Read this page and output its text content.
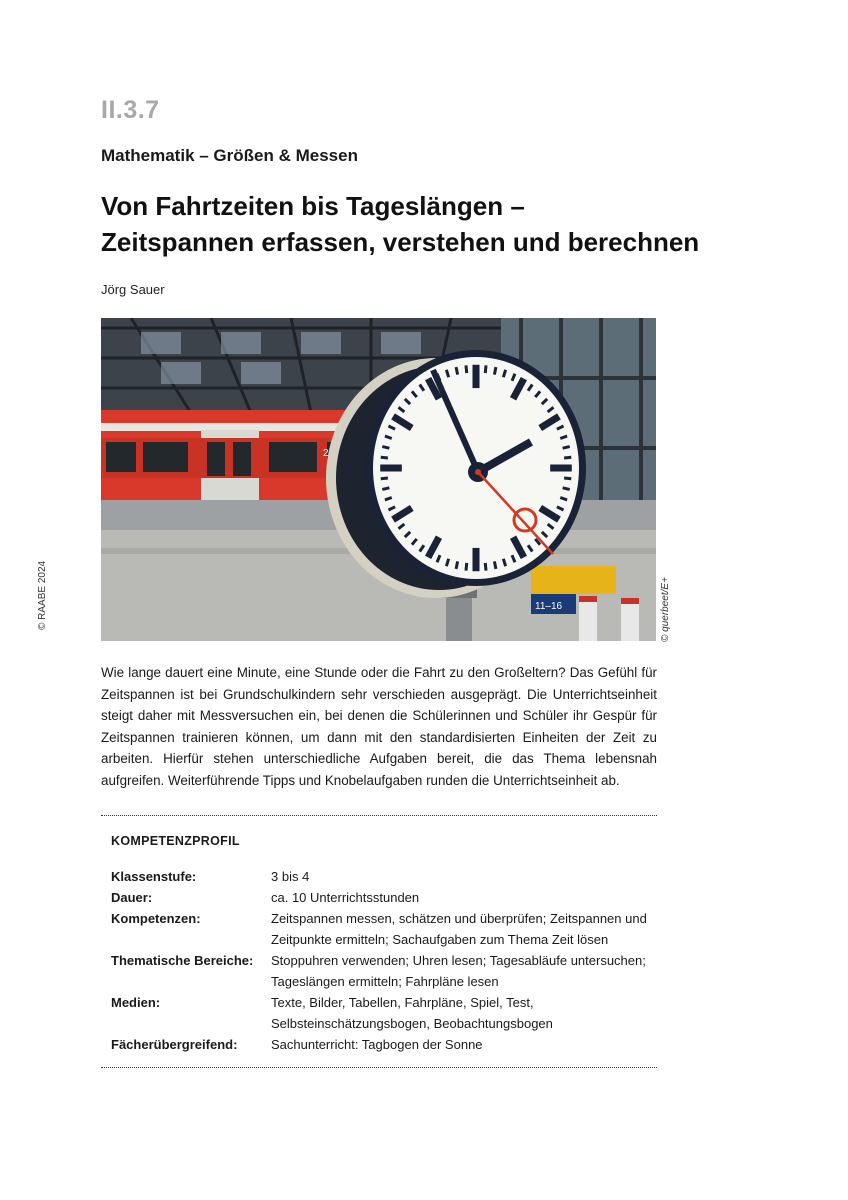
II.3.7
Mathematik – Größen & Messen
Von Fahrtzeiten bis Tageslängen –
Zeitspannen erfassen, verstehen und berechnen
Jörg Sauer
2
11–16	© querbeet/E+
© RAABE 2024
Wie lange dauert eine Minute, eine Stunde oder die Fahrt zu den Großeltern? Das Gefühl für Zeitspannen ist bei Grundschulkindern sehr verschieden ausgeprägt. Die Unterrichtseinheit steigt daher mit Messversuchen ein, bei denen die Schülerinnen und Schüler ihr Gespür für Zeitspannen trainieren können, um dann mit den standardisierten Einheiten der Zeit zu arbeiten. Hierfür stehen unterschiedliche Aufgaben bereit, die das Thema lebensnah aufgreifen. Weiterführende Tipps und Knobelaufgaben runden die Unterrichtseinheit ab.
KOMPETENZPROFIL
Klassenstufe:	3 bis 4
Dauer:	ca. 10 Unterrichtsstunden
Kompetenzen:	Zeitspannen messen, schätzen und überprüfen; Zeitspannen und Zeitpunkte ermitteln; Sachaufgaben zum Thema Zeit lösen
Thematische Bereiche:	Stoppuhren verwenden; Uhren lesen; Tagesabläufe untersuchen; Tageslängen ermitteln; Fahrpläne lesen
Medien:	Texte, Bilder, Tabellen, Fahrpläne, Spiel, Test, Selbsteinschätzungsbogen, Beobachtungsbogen
Fächerübergreifend:	Sachunterricht: Tagbogen der Sonne
